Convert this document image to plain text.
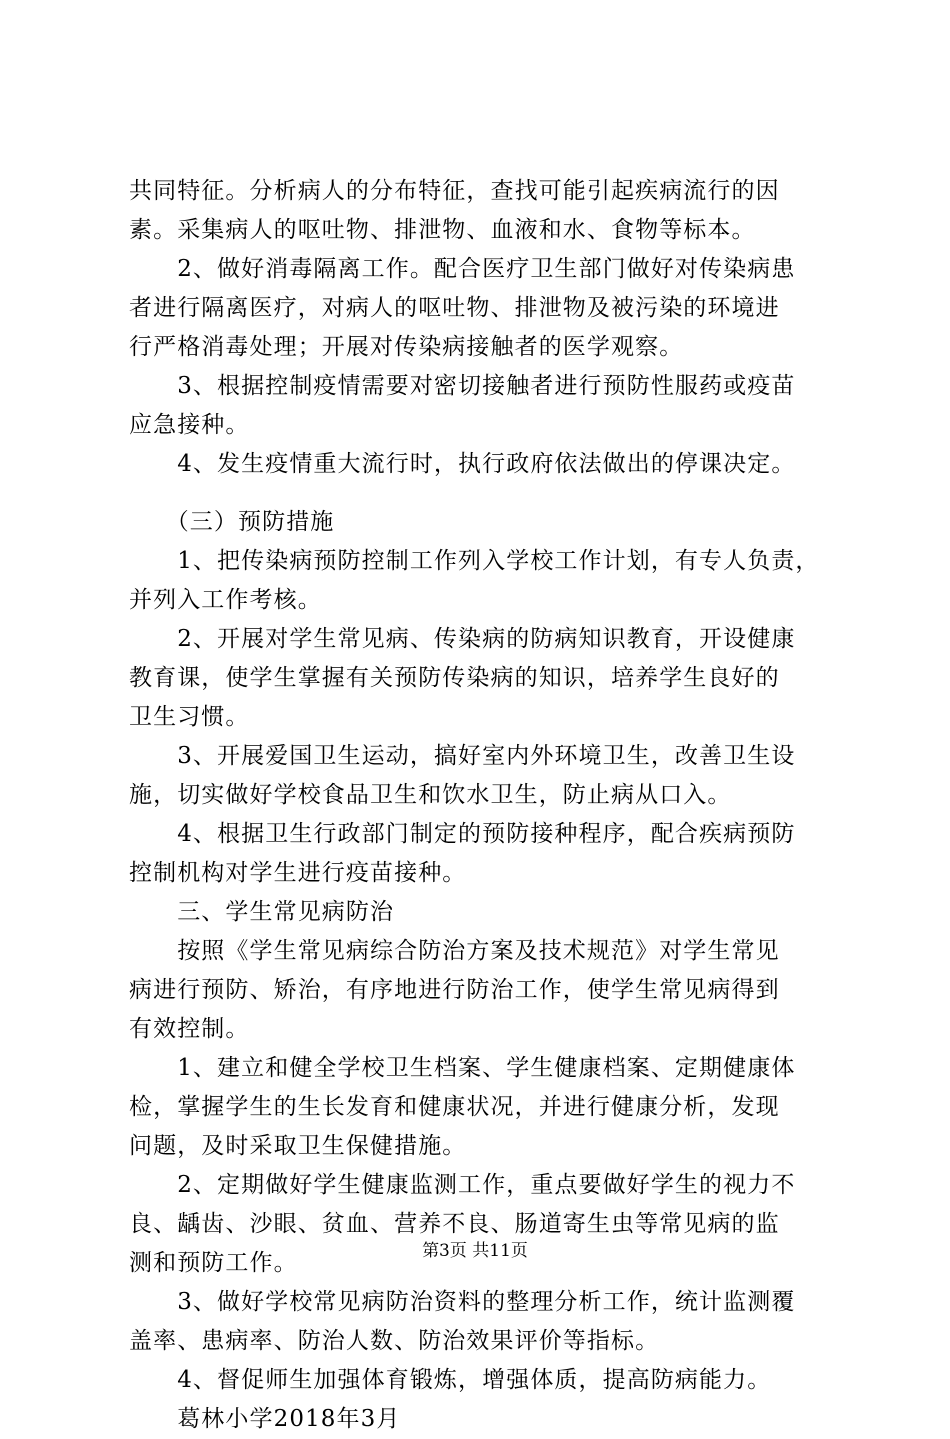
共同特征。分析病人的分布特征，查找可能引起疾病流行的因
素。采集病人的呕吐物、排泄物、血液和水、食物等标本。
　　2、做好消毒隔离工作。配合医疗卫生部门做好对传染病患
者进行隔离医疗，对病人的呕吐物、排泄物及被污染的环境进
行严格消毒处理；开展对传染病接触者的医学观察。
　　3、根据控制疫情需要对密切接触者进行预防性服药或疫苗
应急接种。
　　4、发生疫情重大流行时，执行政府依法做出的停课决定。
　　（三）预防措施
　　1、把传染病预防控制工作列入学校工作计划，有专人负责，
并列入工作考核。
　　2、开展对学生常见病、传染病的防病知识教育，开设健康
教育课，使学生掌握有关预防传染病的知识，培养学生良好的
卫生习惯。
　　3、开展爱国卫生运动，搞好室内外环境卫生，改善卫生设
施，切实做好学校食品卫生和饮水卫生，防止病从口入。
　　4、根据卫生行政部门制定的预防接种程序，配合疾病预防
控制机构对学生进行疫苗接种。
　　三、学生常见病防治
　　按照《学生常见病综合防治方案及技术规范》对学生常见
病进行预防、矫治，有序地进行防治工作，使学生常见病得到
有效控制。
　　1、建立和健全学校卫生档案、学生健康档案、定期健康体
检，掌握学生的生长发育和健康状况，并进行健康分析，发现
问题，及时采取卫生保健措施。
　　2、定期做好学生健康监测工作，重点要做好学生的视力不
良、龋齿、沙眼、贫血、营养不良、肠道寄生虫等常见病的监
测和预防工作。
　　3、做好学校常见病防治资料的整理分析工作，统计监测覆
盖率、患病率、防治人数、防治效果评价等指标。
　　4、督促师生加强体育锻炼，增强体质，提高防病能力。
　　葛林小学2018年3月
第3页 共11页
